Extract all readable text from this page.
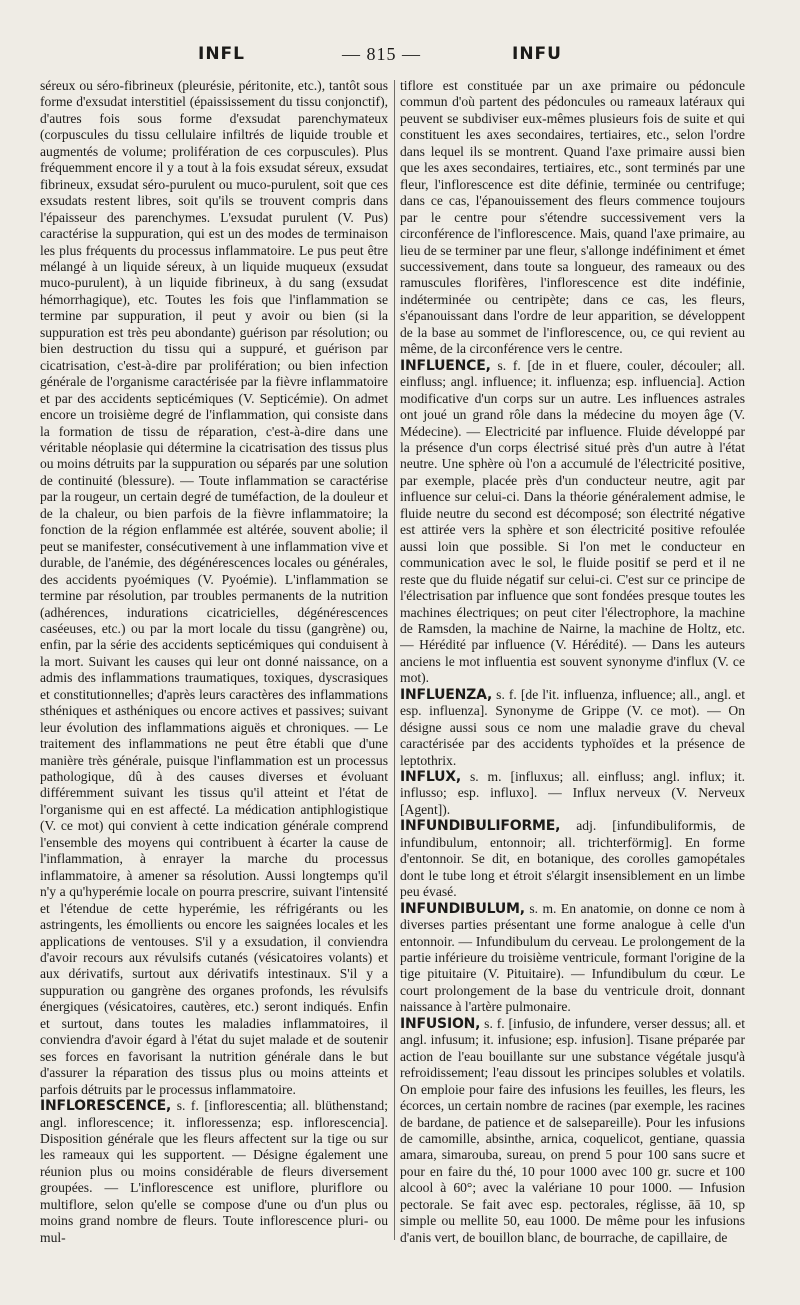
INFL	— 815 —	INFU

séreux ou séro-fibrineux (pleurésie, péritonite, etc.), tantôt sous forme d'exsudat interstitiel (épaississement du tissu conjonctif), d'autres fois sous forme d'exsudat parenchymateux (corpuscules du tissu cellulaire infiltrés de liquide trouble et augmentés de volume; prolifération de ces corpuscules). Plus fréquemment encore il y a tout à la fois exsudat séreux, exsudat fibrineux, exsudat séro-purulent ou muco-purulent, soit que ces exsudats restent libres, soit qu'ils se trouvent compris dans l'épaisseur des parenchymes. L'exsudat purulent (V. Pus) caractérise la suppuration, qui est un des modes de terminaison les plus fréquents du processus inflammatoire. Le pus peut être mélangé à un liquide séreux, à un liquide muqueux (exsudat muco-purulent), à un liquide fibrineux, à du sang (exsudat hémorrhagique), etc. Toutes les fois que l'inflammation se termine par suppuration, il peut y avoir ou bien (si la suppuration est très peu abondante) guérison par résolution; ou bien destruction du tissu qui a suppuré, et guérison par cicatrisation, c'est-à-dire par prolifération; ou bien infection générale de l'organisme caractérisée par la fièvre inflammatoire et par des accidents septicémiques (V. Septicémie). On admet encore un troisième degré de l'inflammation, qui consiste dans la formation de tissu de réparation, c'est-à-dire dans une véritable néoplasie qui détermine la cicatrisation des tissus plus ou moins détruits par la suppuration ou séparés par une solution de continuité (blessure). — Toute inflammation se caractérise par la rougeur, un certain degré de tuméfaction, de la douleur et de la chaleur, ou bien parfois de la fièvre inflammatoire; la fonction de la région enflammée est altérée, souvent abolie; il peut se manifester, consécutivement à une inflammation vive et durable, de l'anémie, des dégénérescences locales ou générales, des accidents pyoémiques (V. Pyoémie). L'inflammation se termine par résolution, par troubles permanents de la nutrition (adhérences, indurations cicatricielles, dégénérescences caséeuses, etc.) ou par la mort locale du tissu (gangrène) ou, enfin, par la série des accidents septicémiques qui conduisent à la mort. Suivant les causes qui leur ont donné naissance, on a admis des inflammations traumatiques, toxiques, dyscrasiques et constitutionnelles; d'après leurs caractères des inflammations sthéniques et asthéniques ou encore actives et passives; suivant leur évolution des inflammations aiguës et chroniques. — Le traitement des inflammations ne peut être établi que d'une manière très générale, puisque l'inflammation est un processus pathologique, dû à des causes diverses et évoluant différemment suivant les tissus qu'il atteint et l'état de l'organisme qui en est affecté. La médication antiphlogistique (V. ce mot) qui convient à cette indication générale comprend l'ensemble des moyens qui contribuent à écarter la cause de l'inflammation, à enrayer la marche du processus inflammatoire, à amener sa résolution. Aussi longtemps qu'il n'y a qu'hyperémie locale on pourra prescrire, suivant l'intensité et l'étendue de cette hyperémie, les réfrigérants ou les astringents, les émollients ou encore les saignées locales et les applications de ventouses. S'il y a exsudation, il conviendra d'avoir recours aux révulsifs cutanés (vésicatoires volants) et aux dérivatifs, surtout aux dérivatifs intestinaux. S'il y a suppuration ou gangrène des organes profonds, les révulsifs énergiques (vésicatoires, cautères, etc.) seront indiqués. Enfin et surtout, dans toutes les maladies inflammatoires, il conviendra d'avoir égard à l'état du sujet malade et de soutenir ses forces en favorisant la nutrition générale dans le but d'assurer la réparation des tissus plus ou moins atteints et parfois détruits par le processus inflammatoire.

INFLORESCENCE, s. f. [inflorescentia; all. blüthenstand; angl. inflorescence; it. infloressenza; esp. inflorescencia]. Disposition générale que les fleurs affectent sur la tige ou sur les rameaux qui les supportent. — Désigne également une réunion plus ou moins considérable de fleurs diversement groupées. — L'inflorescence est uniflore, pluriflore ou multiflore, selon qu'elle se compose d'une ou d'un plus ou moins grand nombre de fleurs. Toute inflorescence pluri- ou mul-

tiflore est constituée par un axe primaire ou pédoncule commun d'où partent des pédoncules ou rameaux latéraux qui peuvent se subdiviser eux-mêmes plusieurs fois de suite et qui constituent les axes secondaires, tertiaires, etc., selon l'ordre dans lequel ils se montrent. Quand l'axe primaire aussi bien que les axes secondaires, tertiaires, etc., sont terminés par une fleur, l'inflorescence est dite définie, terminée ou centrifuge; dans ce cas, l'épanouissement des fleurs commence toujours par le centre pour s'étendre successivement vers la circonférence de l'inflorescence. Mais, quand l'axe primaire, au lieu de se terminer par une fleur, s'allonge indéfiniment et émet successivement, dans toute sa longueur, des rameaux ou des ramuscules florifères, l'inflorescence est dite indéfinie, indéterminée ou centripète; dans ce cas, les fleurs, s'épanouissant dans l'ordre de leur apparition, se développent de la base au sommet de l'inflorescence, ou, ce qui revient au même, de la circonférence vers le centre.

INFLUENCE, s. f. [de in et fluere, couler, découler; all. einfluss; angl. influence; it. influenza; esp. influencia]. Action modificative d'un corps sur un autre. Les influences astrales ont joué un grand rôle dans la médecine du moyen âge (V. Médecine). — Electricité par influence. Fluide développé par la présence d'un corps électrisé situé près d'un autre à l'état neutre. Une sphère où l'on a accumulé de l'électricité positive, par exemple, placée près d'un conducteur neutre, agit par influence sur celui-ci. Dans la théorie généralement admise, le fluide neutre du second est décomposé; son électrité négative est attirée vers la sphère et son électricité positive refoulée aussi loin que possible. Si l'on met le conducteur en communication avec le sol, le fluide positif se perd et il ne reste que du fluide négatif sur celui-ci. C'est sur ce principe de l'électrisation par influence que sont fondées presque toutes les machines électriques; on peut citer l'électrophore, la machine de Ramsden, la machine de Nairne, la machine de Holtz, etc. — Hérédité par influence (V. Hérédité). — Dans les auteurs anciens le mot influentia est souvent synonyme d'influx (V. ce mot).

INFLUENZA, s. f. [de l'it. influenza, influence; all., angl. et esp. influenza]. Synonyme de Grippe (V. ce mot). — On désigne aussi sous ce nom une maladie grave du cheval caractérisée par des accidents typhoïdes et la présence de leptothrix.

INFLUX, s. m. [influxus; all. einfluss; angl. influx; it. influsso; esp. influxo]. — Influx nerveux (V. Nerveux [Agent]).

INFUNDIBULIFORME, adj. [infundibuliformis, de infundibulum, entonnoir; all. trichterförmig]. En forme d'entonnoir. Se dit, en botanique, des corolles gamopétales dont le tube long et étroit s'élargit insensiblement en un limbe peu évasé.

INFUNDIBULUM, s. m. En anatomie, on donne ce nom à diverses parties présentant une forme analogue à celle d'un entonnoir. — Infundibulum du cerveau. Le prolongement de la partie inférieure du troisième ventricule, formant l'origine de la tige pituitaire (V. Pituitaire). — Infundibulum du cœur. Le court prolongement de la base du ventricule droit, donnant naissance à l'artère pulmonaire.

INFUSION, s. f. [infusio, de infundere, verser dessus; all. et angl. infusum; it. infusione; esp. infusion]. Tisane préparée par action de l'eau bouillante sur une substance végétale jusqu'à refroidissement; l'eau dissout les principes solubles et volatils. On emploie pour faire des infusions les feuilles, les fleurs, les écorces, un certain nombre de racines (par exemple, les racines de bardane, de patience et de salsepareille). Pour les infusions de camomille, absinthe, arnica, coquelicot, gentiane, quassia amara, simarouba, sureau, on prend 5 pour 100 sans sucre et pour en faire du thé, 10 pour 1000 avec 100 gr. sucre et 100 alcool à 60°; avec la valériane 10 pour 1000. — Infusion pectorale. Se fait avec esp. pectorales, réglisse, āā 10, sp simple ou mellite 50, eau 1000. De même pour les infusions d'anis vert, de bouillon blanc, de bourrache, de capillaire, de
